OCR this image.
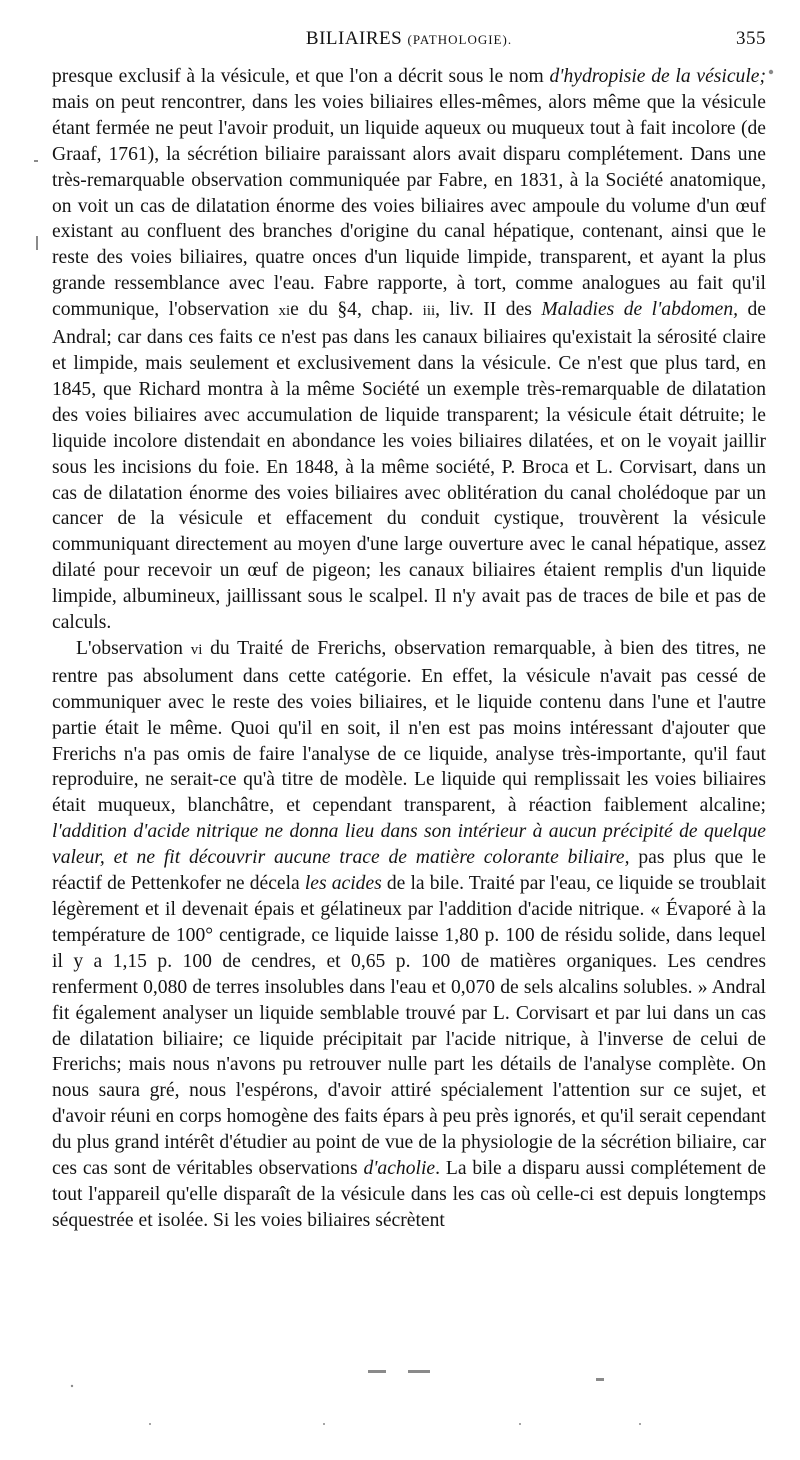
BILIAIRES (PATHOLOGIE).	355

presque exclusif à la vésicule, et que l'on a décrit sous le nom d'hydropisie de la vésicule; mais on peut rencontrer, dans les voies biliaires elles-mêmes, alors même que la vésicule étant fermée ne peut l'avoir produit, un liquide aqueux ou muqueux tout à fait incolore (de Graaf, 1761), la sécrétion biliaire paraissant alors avait disparu complétement. Dans une très-remarquable observation communiquée par Fabre, en 1831, à la Société anatomique, on voit un cas de dilatation énorme des voies biliaires avec ampoule du volume d'un œuf existant au confluent des branches d'origine du canal hépatique, contenant, ainsi que le reste des voies biliaires, quatre onces d'un liquide limpide, transparent, et ayant la plus grande ressemblance avec l'eau. Fabre rapporte, à tort, comme analogues au fait qu'il communique, l'observation xie du §4, chap. iii, liv. II des Maladies de l'abdomen, de Andral; car dans ces faits ce n'est pas dans les canaux biliaires qu'existait la sérosité claire et limpide, mais seulement et exclusivement dans la vésicule. Ce n'est que plus tard, en 1845, que Richard montra à la même Société un exemple très-remarquable de dilatation des voies biliaires avec accumulation de liquide transparent; la vésicule était détruite; le liquide incolore distendait en abondance les voies biliaires dilatées, et on le voyait jaillir sous les incisions du foie. En 1848, à la même société, P. Broca et L. Corvisart, dans un cas de dilatation énorme des voies biliaires avec oblitération du canal cholédoque par un cancer de la vésicule et effacement du conduit cystique, trouvèrent la vésicule communiquant directement au moyen d'une large ouverture avec le canal hépatique, assez dilaté pour recevoir un œuf de pigeon; les canaux biliaires étaient remplis d'un liquide limpide, albumineux, jaillissant sous le scalpel. Il n'y avait pas de traces de bile et pas de calculs.

L'observation vi du Traité de Frerichs, observation remarquable, à bien des titres, ne rentre pas absolument dans cette catégorie. En effet, la vésicule n'avait pas cessé de communiquer avec le reste des voies biliaires, et le liquide contenu dans l'une et l'autre partie était le même. Quoi qu'il en soit, il n'en est pas moins intéressant d'ajouter que Frerichs n'a pas omis de faire l'analyse de ce liquide, analyse très-importante, qu'il faut reproduire, ne serait-ce qu'à titre de modèle. Le liquide qui remplissait les voies biliaires était muqueux, blanchâtre, et cependant transparent, à réaction faiblement alcaline; l'addition d'acide nitrique ne donna lieu dans son intérieur à aucun précipité de quelque valeur, et ne fit découvrir aucune trace de matière colorante biliaire, pas plus que le réactif de Pettenkofer ne décela les acides de la bile. Traité par l'eau, ce liquide se troublait légèrement et il devenait épais et gélatineux par l'addition d'acide nitrique. « Évaporé à la température de 100° centigrade, ce liquide laisse 1,80 p. 100 de résidu solide, dans lequel il y a 1,15 p. 100 de cendres, et 0,65 p. 100 de matières organiques. Les cendres renferment 0,080 de terres insolubles dans l'eau et 0,070 de sels alcalins solubles. » Andral fit également analyser un liquide semblable trouvé par L. Corvisart et par lui dans un cas de dilatation biliaire; ce liquide précipitait par l'acide nitrique, à l'inverse de celui de Frerichs; mais nous n'avons pu retrouver nulle part les détails de l'analyse complète. On nous saura gré, nous l'espérons, d'avoir attiré spécialement l'attention sur ce sujet, et d'avoir réuni en corps homogène des faits épars à peu près ignorés, et qu'il serait cependant du plus grand intérêt d'étudier au point de vue de la physiologie de la sécrétion biliaire, car ces cas sont de véritables observations d'acholie. La bile a disparu aussi complétement de tout l'appareil qu'elle disparaît de la vésicule dans les cas où celle-ci est depuis longtemps séquestrée et isolée. Si les voies biliaires sécrètent
